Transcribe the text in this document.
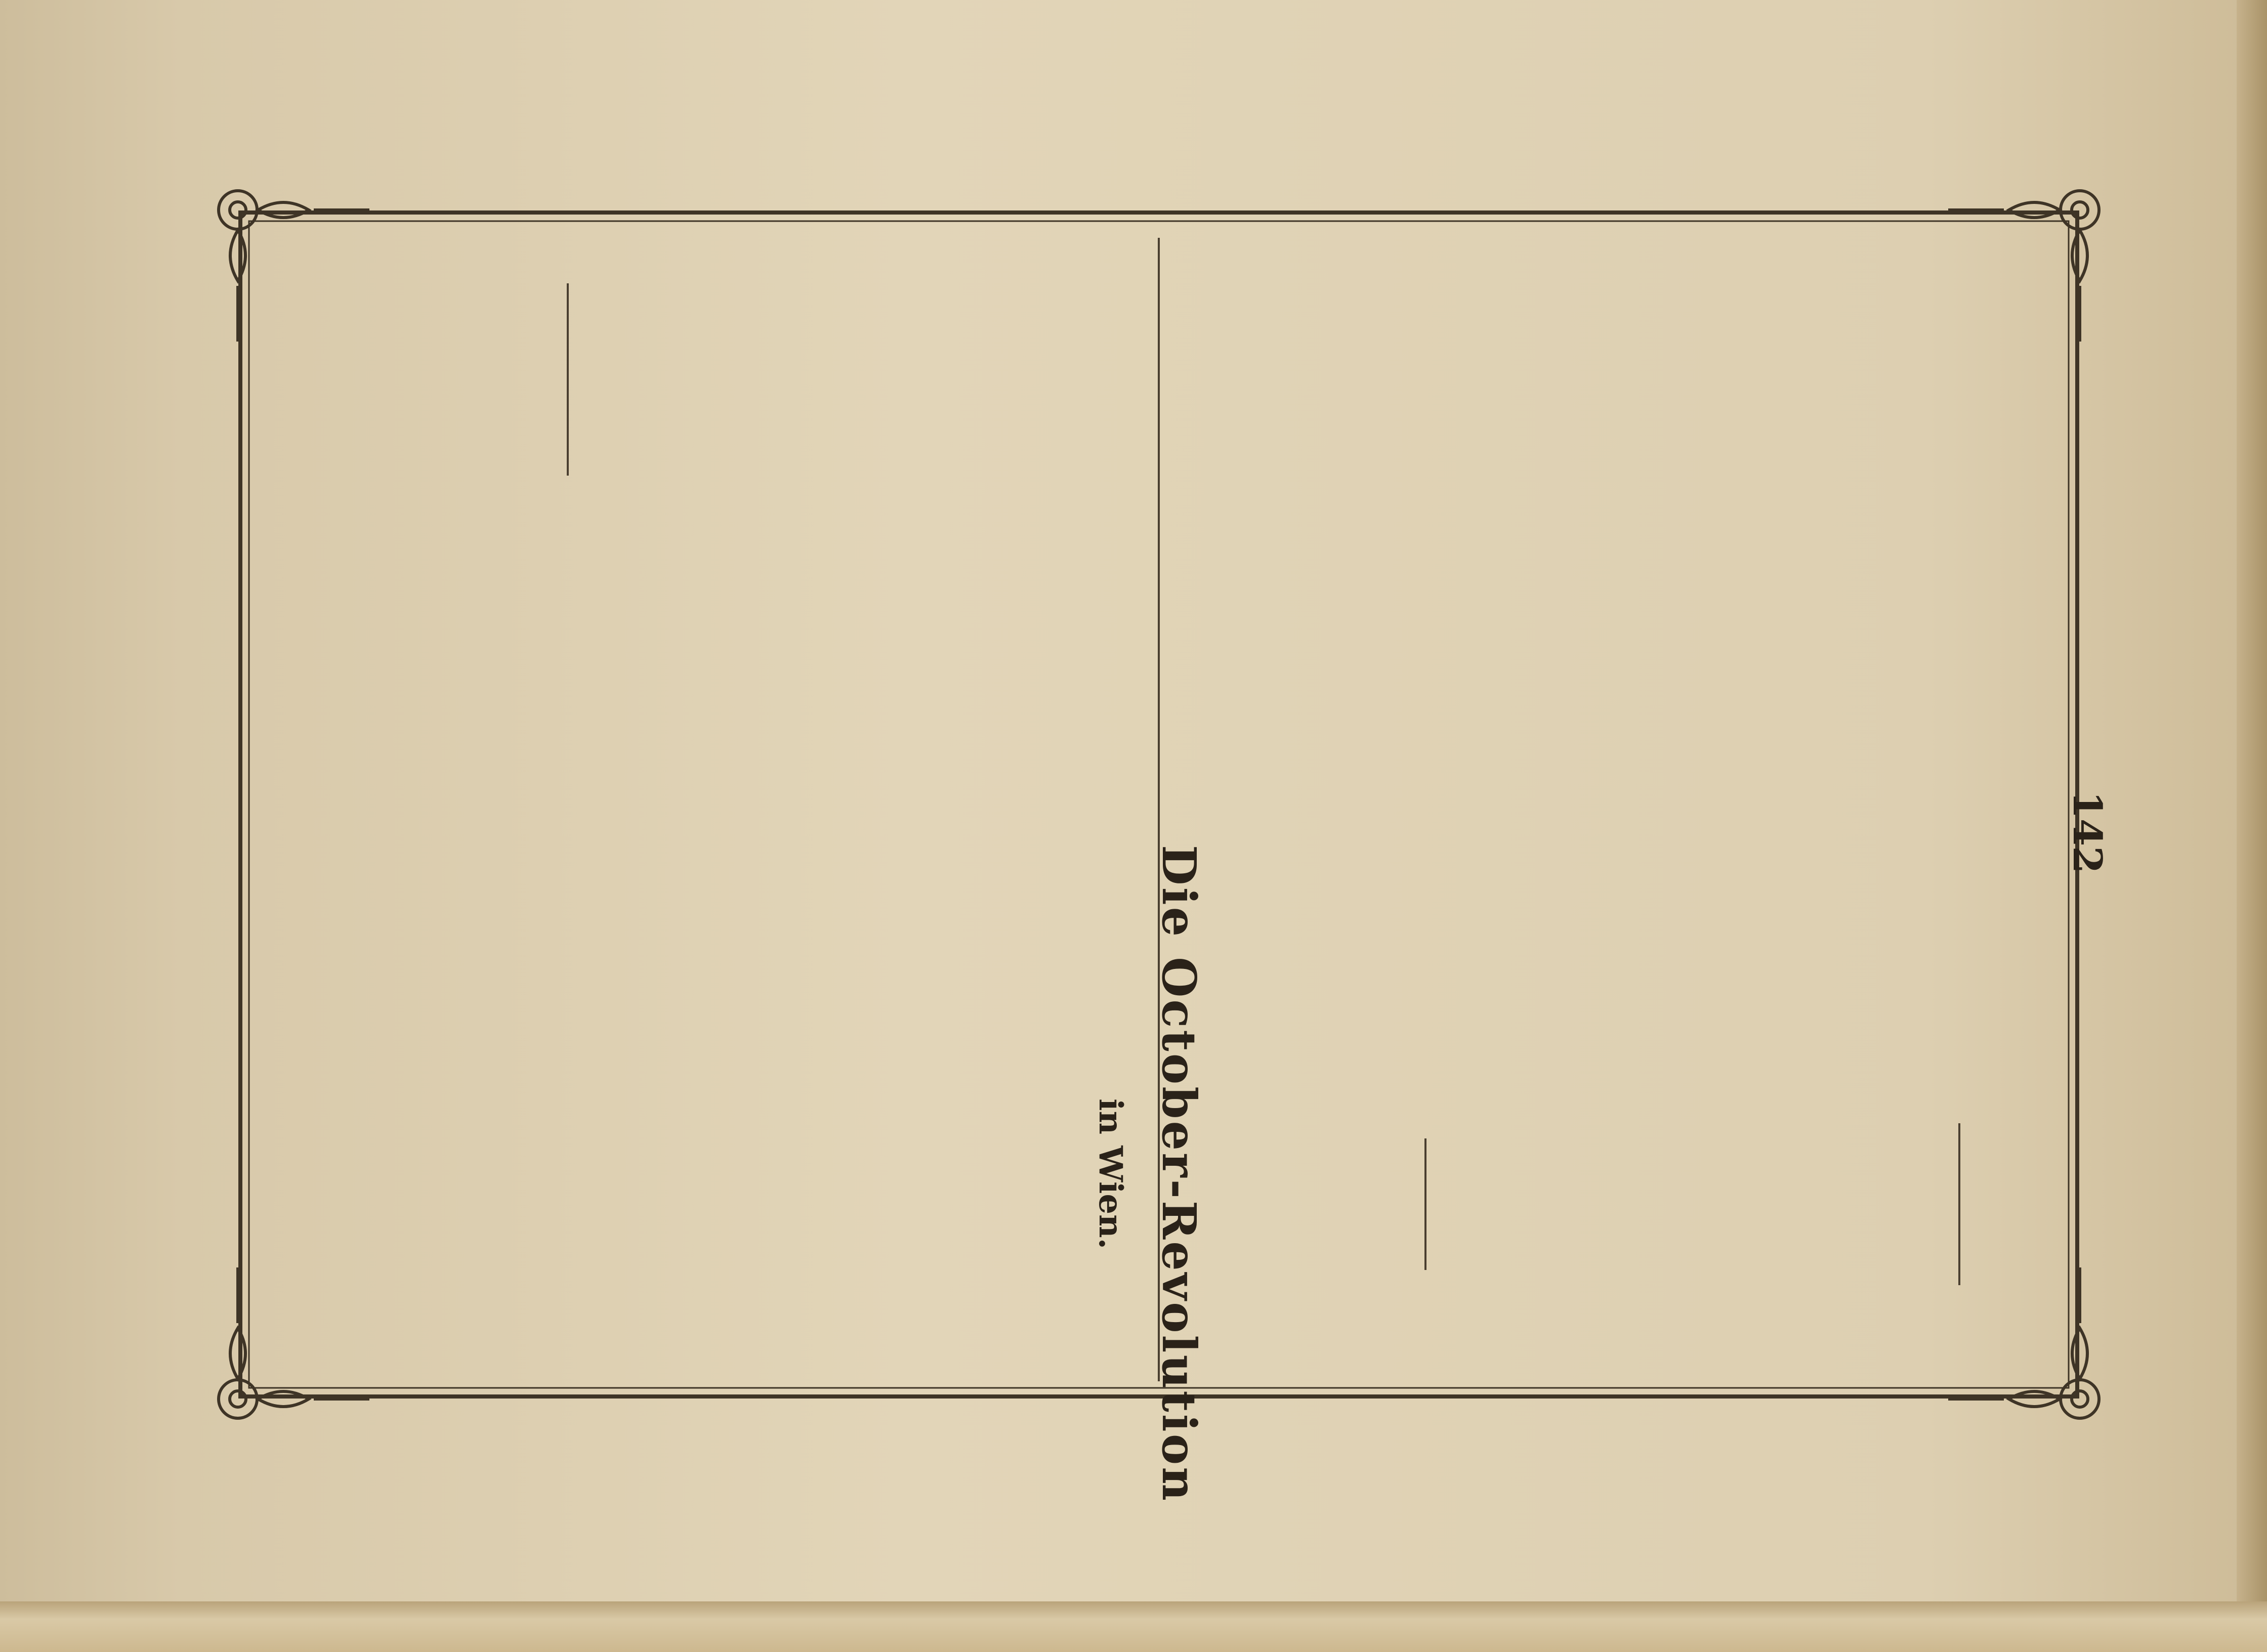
142
Die October-Revolution
in Wien.
